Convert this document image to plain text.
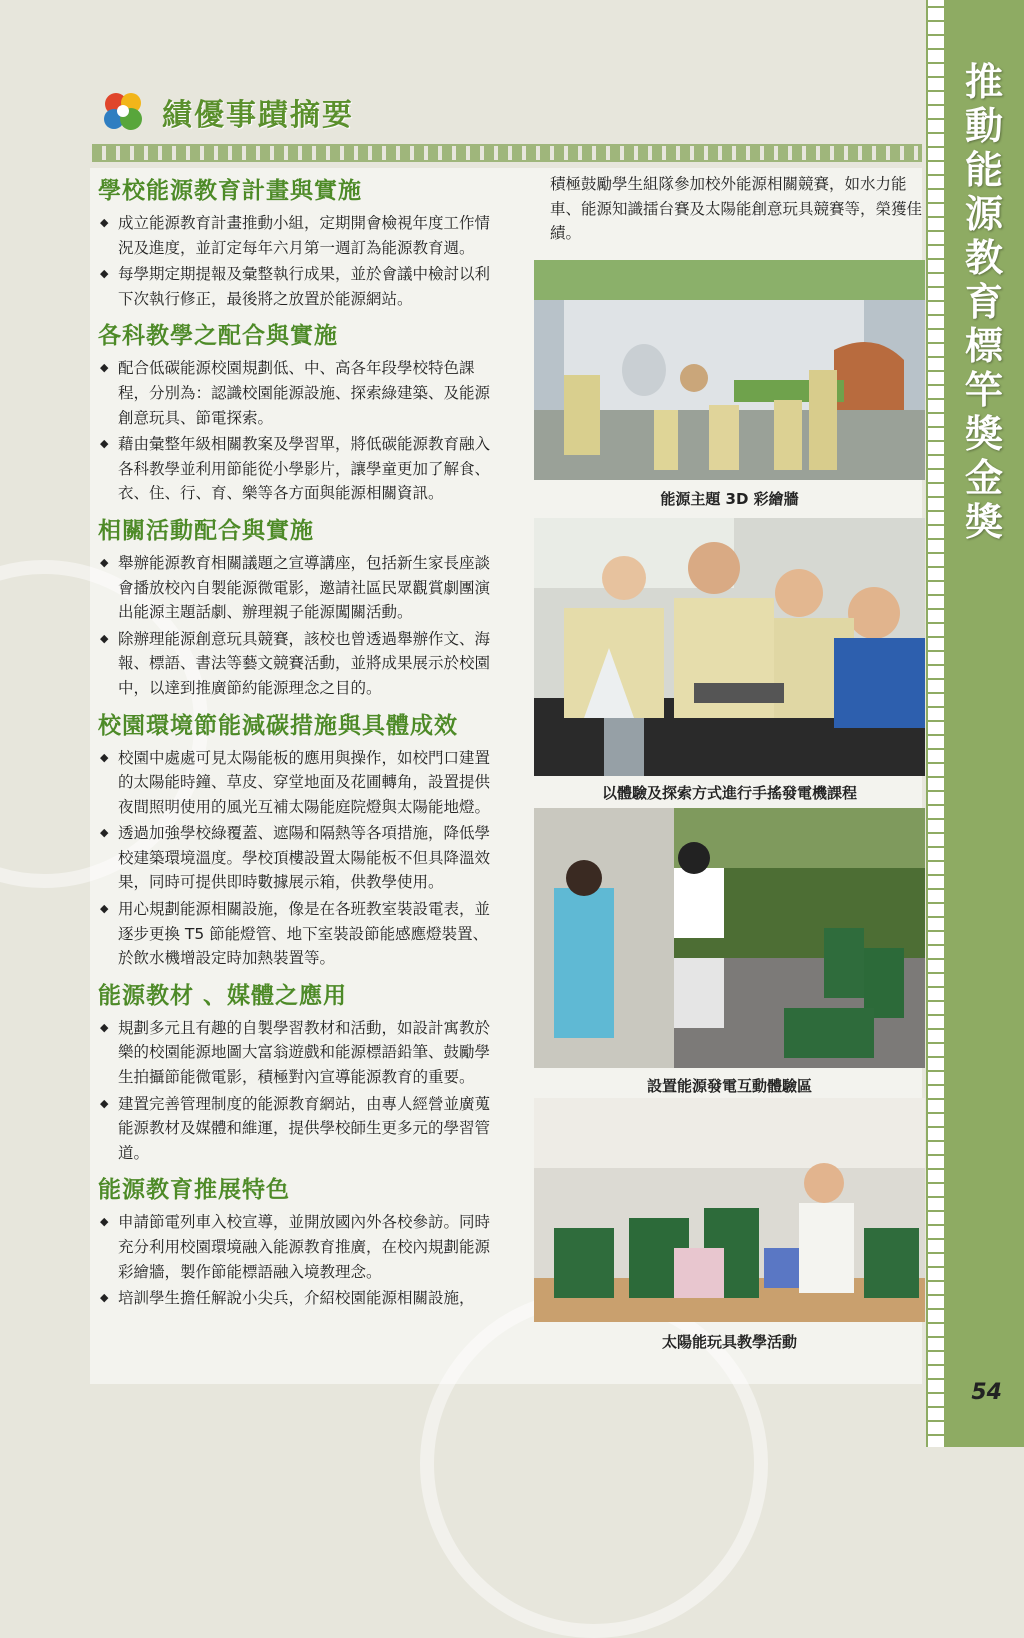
推動能源教育標竿獎 金獎
54
績優事蹟摘要
學校能源教育計畫與實施
◆ 成立能源教育計畫推動小組，定期開會檢視年度工作情況及進度，並訂定每年六月第一週訂為能源教育週。
◆ 每學期定期提報及彙整執行成果，並於會議中檢討以利下次執行修正，最後將之放置於能源網站。
各科教學之配合與實施
◆ 配合低碳能源校園規劃低、中、高各年段學校特色課程，分別為：認識校園能源設施、探索綠建築、及能源創意玩具、節電探索。
◆ 藉由彙整年級相關教案及學習單，將低碳能源教育融入各科教學並利用節能從小學影片，讓學童更加了解食、衣、住、行、育、樂等各方面與能源相關資訊。
相關活動配合與實施
◆ 舉辦能源教育相關議題之宣導講座，包括新生家長座談會播放校內自製能源微電影，邀請社區民眾觀賞劇團演出能源主題話劇、辦理親子能源闖關活動。
◆ 除辦理能源創意玩具競賽，該校也曾透過舉辦作文、海報、標語、書法等藝文競賽活動，並將成果展示於校園中，以達到推廣節約能源理念之目的。
校園環境節能減碳措施與具體成效
◆ 校園中處處可見太陽能板的應用與操作，如校門口建置的太陽能時鐘、草皮、穿堂地面及花圃轉角，設置提供夜間照明使用的風光互補太陽能庭院燈與太陽能地燈。
◆ 透過加強學校綠覆蓋、遮陽和隔熱等各項措施，降低學校建築環境溫度。學校頂樓設置太陽能板不但具降溫效果，同時可提供即時數據展示箱，供教學使用。
◆ 用心規劃能源相關設施，像是在各班教室裝設電表，並逐步更換 T5 節能燈管、地下室裝設節能感應燈裝置、於飲水機增設定時加熱裝置等。
能源教材 、媒體之應用
◆ 規劃多元且有趣的自製學習教材和活動，如設計寓教於樂的校園能源地圖大富翁遊戲和能源標語鉛筆、鼓勵學生拍攝節能微電影，積極對內宣導能源教育的重要。
◆ 建置完善管理制度的能源教育網站，由專人經營並廣蒐能源教材及媒體和維運，提供學校師生更多元的學習管道。
能源教育推展特色
◆ 申請節電列車入校宣導，並開放國內外各校參訪。同時充分利用校園環境融入能源教育推廣，在校內規劃能源彩繪牆，製作節能標語融入境教理念。
◆ 培訓學生擔任解說小尖兵，介紹校園能源相關設施，

積極鼓勵學生組隊參加校外能源相關競賽，如水力能車、能源知識擂台賽及太陽能創意玩具競賽等，榮獲佳績。

能源主題 3D 彩繪牆
以體驗及探索方式進行手搖發電機課程
設置能源發電互動體驗區
太陽能玩具教學活動
